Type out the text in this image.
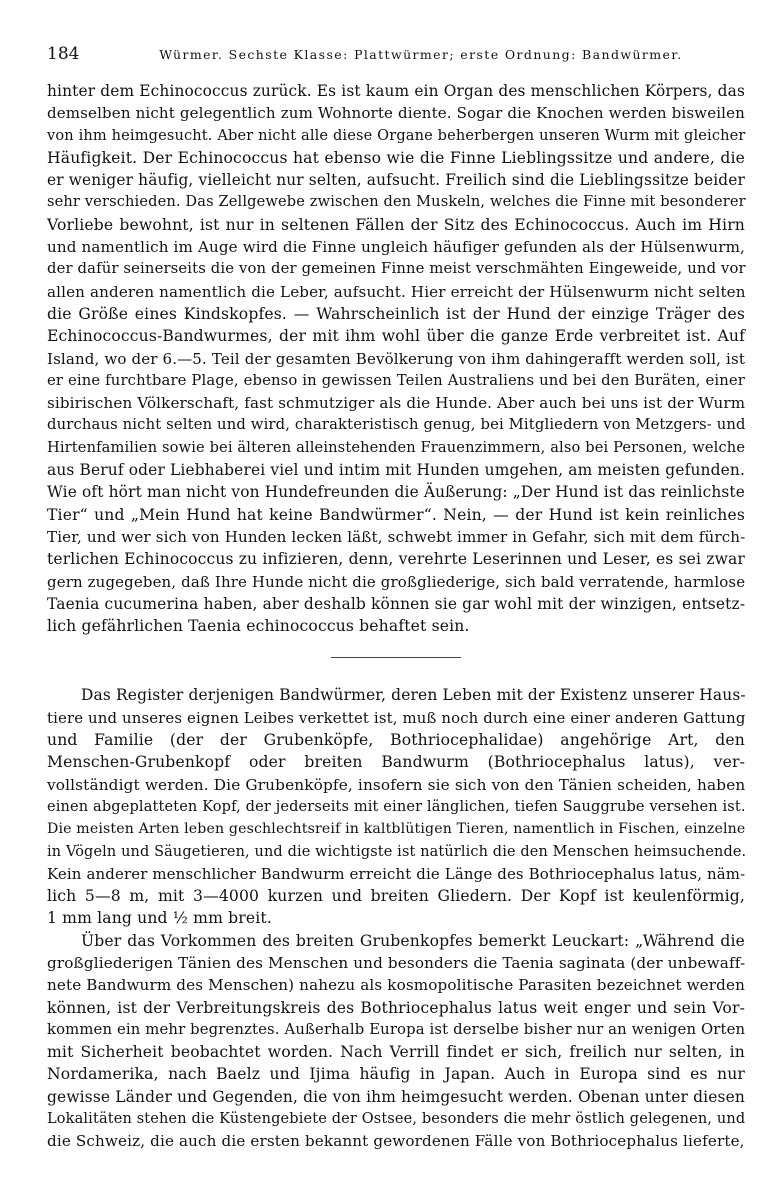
184	Würmer. Sechste Klasse: Plattwürmer; erste Ordnung: Bandwürmer.

hinter dem Echinococcus zurück. Es ist kaum ein Organ des menschlichen Körpers, das
demselben nicht gelegentlich zum Wohnorte diente. Sogar die Knochen werden bisweilen
von ihm heimgesucht. Aber nicht alle diese Organe beherbergen unseren Wurm mit gleicher
Häufigkeit. Der Echinococcus hat ebenso wie die Finne Lieblingssitze und andere, die
er weniger häufig, vielleicht nur selten, aufsucht. Freilich sind die Lieblingssitze beider
sehr verschieden. Das Zellgewebe zwischen den Muskeln, welches die Finne mit besonderer
Vorliebe bewohnt, ist nur in seltenen Fällen der Sitz des Echinococcus. Auch im Hirn
und namentlich im Auge wird die Finne ungleich häufiger gefunden als der Hülsenwurm,
der dafür seinerseits die von der gemeinen Finne meist verschmähten Eingeweide, und vor
allen anderen namentlich die Leber, aufsucht. Hier erreicht der Hülsenwurm nicht selten
die Größe eines Kindskopfes. — Wahrscheinlich ist der Hund der einzige Träger des
Echinococcus-Bandwurmes, der mit ihm wohl über die ganze Erde verbreitet ist. Auf
Island, wo der 6.—5. Teil der gesamten Bevölkerung von ihm dahingerafft werden soll, ist
er eine furchtbare Plage, ebenso in gewissen Teilen Australiens und bei den Buräten, einer
sibirischen Völkerschaft, fast schmutziger als die Hunde. Aber auch bei uns ist der Wurm
durchaus nicht selten und wird, charakteristisch genug, bei Mitgliedern von Metzgers- und
Hirtenfamilien sowie bei älteren alleinstehenden Frauenzimmern, also bei Personen, welche
aus Beruf oder Liebhaberei viel und intim mit Hunden umgehen, am meisten gefunden.
Wie oft hört man nicht von Hundefreunden die Äußerung: „Der Hund ist das reinlichste
Tier“ und „Mein Hund hat keine Bandwürmer“. Nein, — der Hund ist kein reinliches
Tier, und wer sich von Hunden lecken läßt, schwebt immer in Gefahr, sich mit dem fürch-
terlichen Echinococcus zu infizieren, denn, verehrte Leserinnen und Leser, es sei zwar
gern zugegeben, daß Ihre Hunde nicht die großgliederige, sich bald verratende, harmlose
Taenia cucumerina haben, aber deshalb können sie gar wohl mit der winzigen, entsetz-
lich gefährlichen Taenia echinococcus behaftet sein.

Das Register derjenigen Bandwürmer, deren Leben mit der Existenz unserer Haus-
tiere und unseres eignen Leibes verkettet ist, muß noch durch eine einer anderen Gattung
und Familie (der der Grubenköpfe, Bothriocephalidae) angehörige Art, den
Menschen-Grubenkopf oder breiten Bandwurm (Bothriocephalus latus), ver-
vollständigt werden. Die Grubenköpfe, insofern sie sich von den Tänien scheiden, haben
einen abgeplatteten Kopf, der jederseits mit einer länglichen, tiefen Sauggrube versehen ist.
Die meisten Arten leben geschlechtsreif in kaltblütigen Tieren, namentlich in Fischen, einzelne
in Vögeln und Säugetieren, und die wichtigste ist natürlich die den Menschen heimsuchende.
Kein anderer menschlicher Bandwurm erreicht die Länge des Bothriocephalus latus, näm-
lich 5—8 m, mit 3—4000 kurzen und breiten Gliedern. Der Kopf ist keulenförmig,
1 mm lang und ½ mm breit.

Über das Vorkommen des breiten Grubenkopfes bemerkt Leuckart: „Während die
großgliederigen Tänien des Menschen und besonders die Taenia saginata (der unbewaff-
nete Bandwurm des Menschen) nahezu als kosmopolitische Parasiten bezeichnet werden
können, ist der Verbreitungskreis des Bothriocephalus latus weit enger und sein Vor-
kommen ein mehr begrenztes. Außerhalb Europa ist derselbe bisher nur an wenigen Orten
mit Sicherheit beobachtet worden. Nach Verrill findet er sich, freilich nur selten, in
Nordamerika, nach Baelz und Ijima häufig in Japan. Auch in Europa sind es nur
gewisse Länder und Gegenden, die von ihm heimgesucht werden. Obenan unter diesen
Lokalitäten stehen die Küstengebiete der Ostsee, besonders die mehr östlich gelegenen, und
die Schweiz, die auch die ersten bekannt gewordenen Fälle von Bothriocephalus lieferte,
